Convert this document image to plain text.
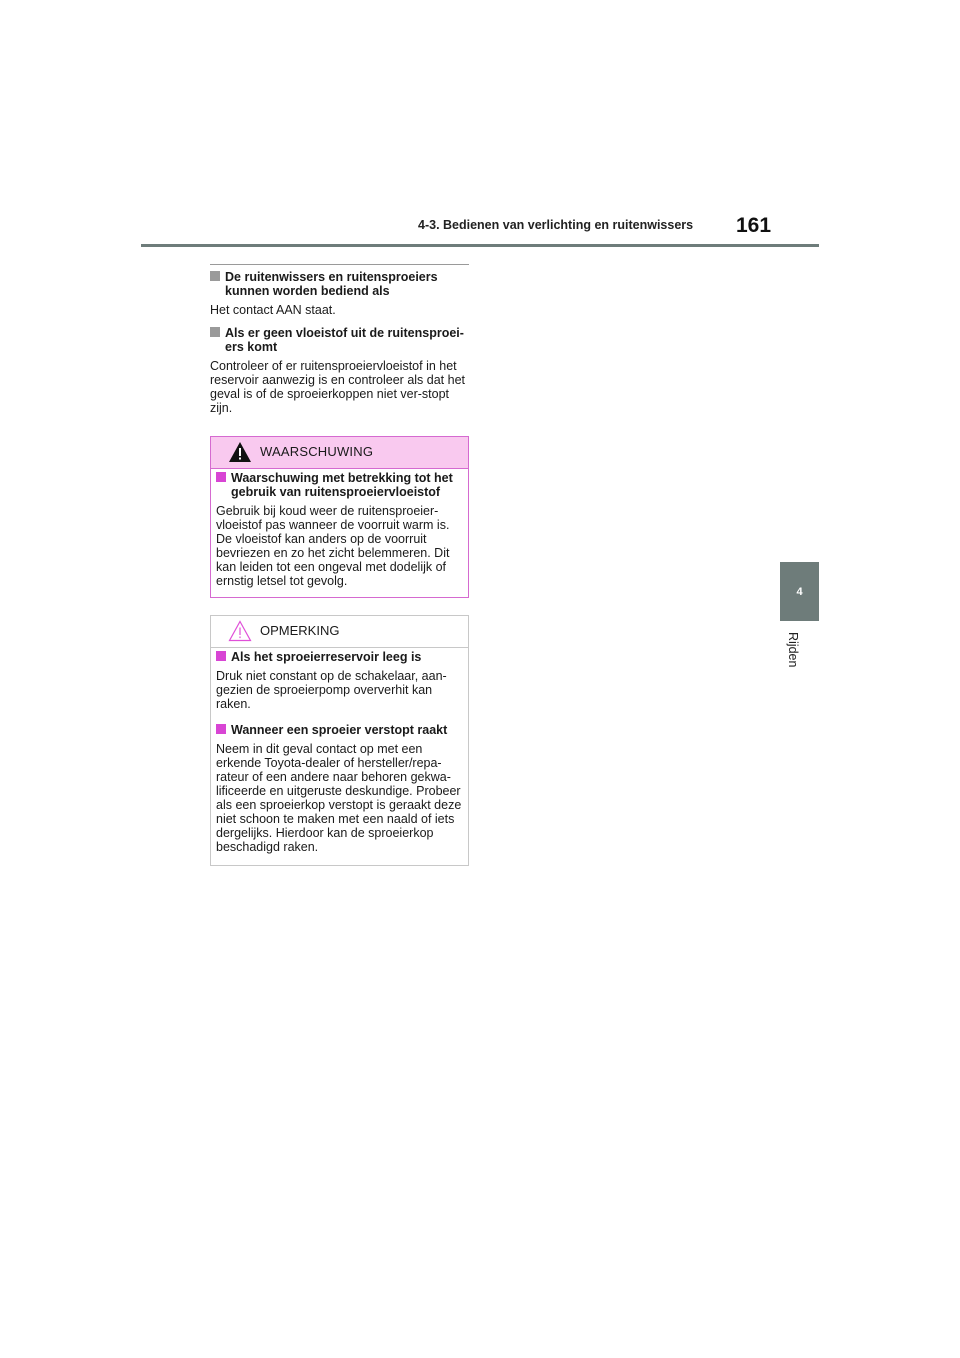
4-3. Bedienen van verlichting en ruitenwissers 161
4
Rijden
De ruitenwissers en ruitensproeiers kunnen worden bediend als
Het contact AAN staat.
Als er geen vloeistof uit de ruitensproei-ers komt
Controleer of er ruitensproeiervloeistof in het reservoir aanwezig is en controleer als dat het geval is of de sproeierkoppen niet ver-stopt zijn.
WAARSCHUWING
Waarschuwing met betrekking tot het gebruik van ruitensproeiervloeistof
Gebruik bij koud weer de ruitensproeier-vloeistof pas wanneer de voorruit warm is. De vloeistof kan anders op de voorruit bevriezen en zo het zicht belemmeren. Dit kan leiden tot een ongeval met dodelijk of ernstig letsel tot gevolg.
OPMERKING
Als het sproeierreservoir leeg is
Druk niet constant op de schakelaar, aan-gezien de sproeierpomp oververhit kan raken.
Wanneer een sproeier verstopt raakt
Neem in dit geval contact op met een erkende Toyota-dealer of hersteller/repa-rateur of een andere naar behoren gekwa-lificeerde en uitgeruste deskundige. Probeer als een sproeierkop verstopt is geraakt deze niet schoon te maken met een naald of iets dergelijks. Hierdoor kan de sproeierkop beschadigd raken.
